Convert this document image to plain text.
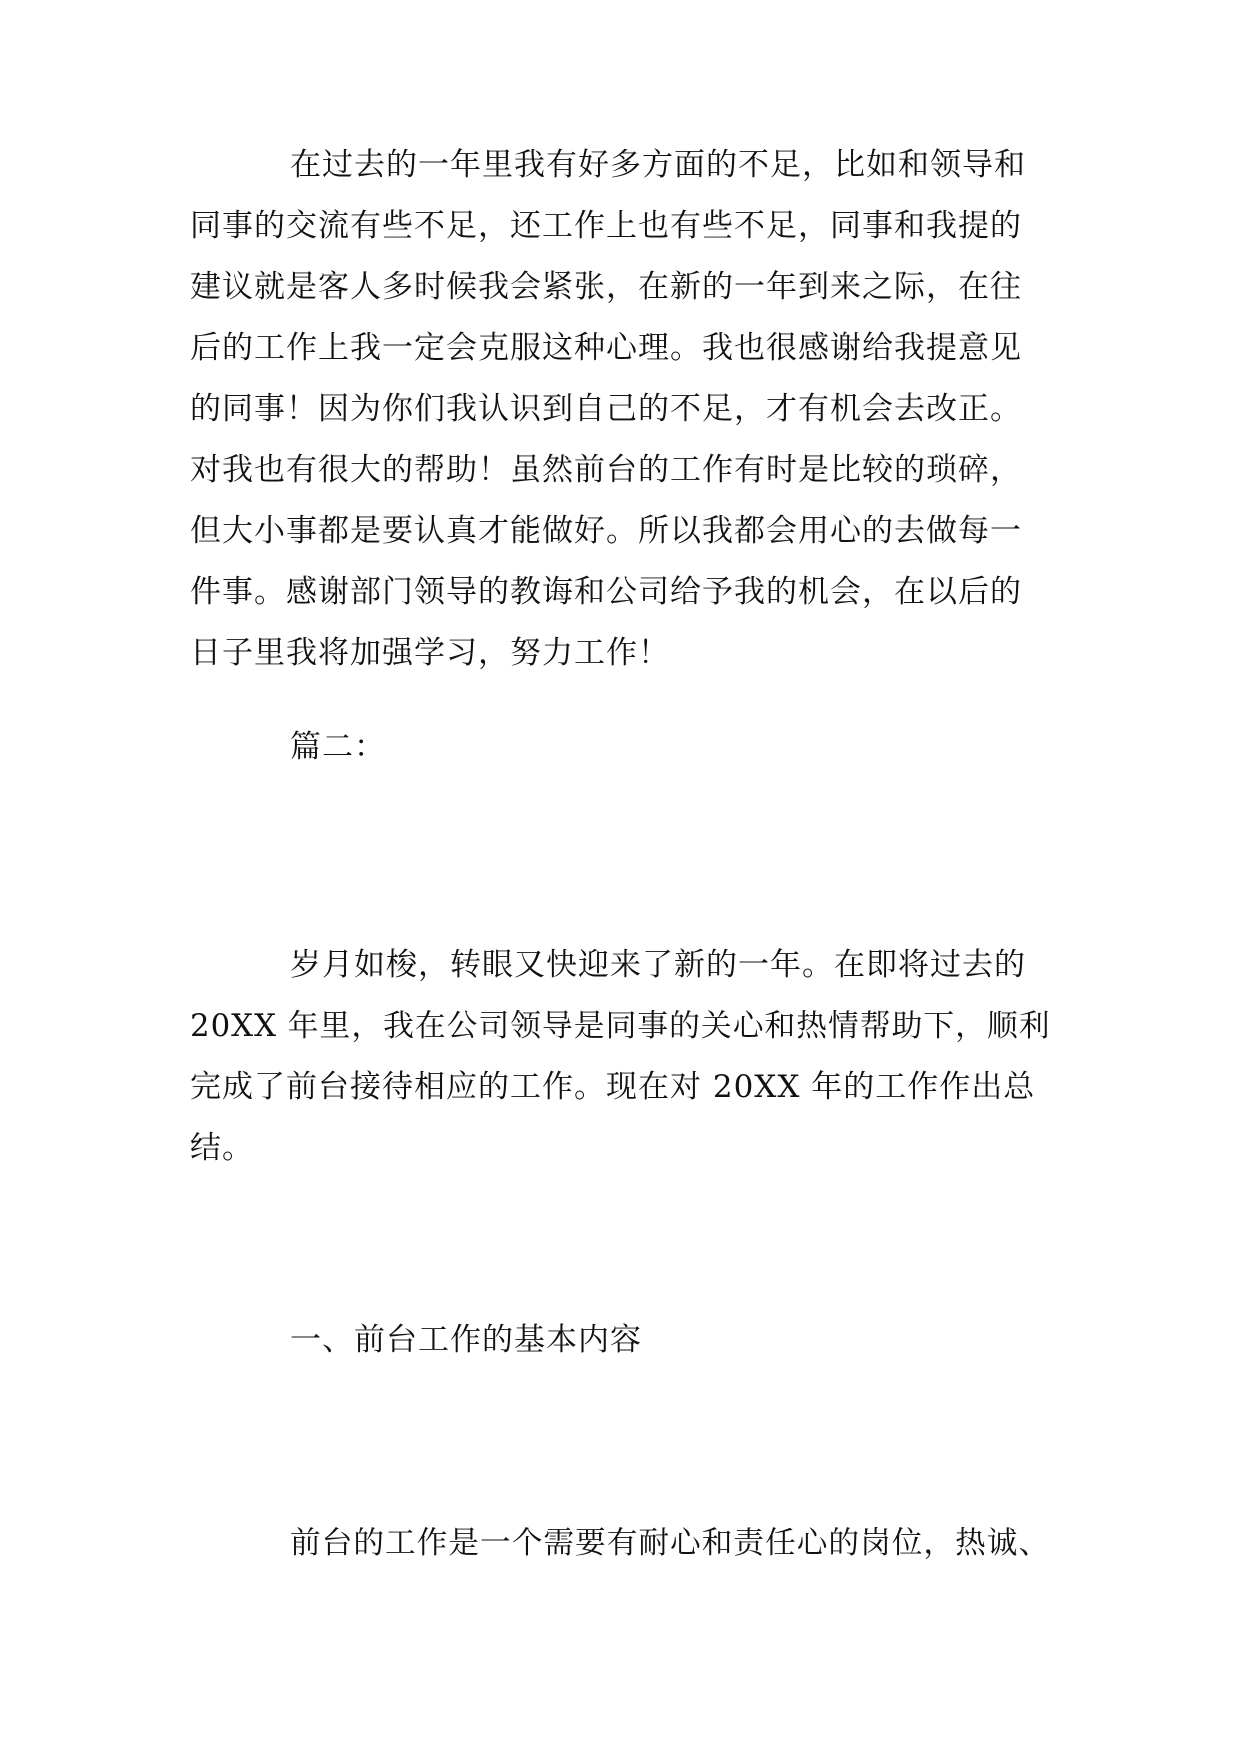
在过去的一年里我有好多方面的不足，比如和领导和
同事的交流有些不足，还工作上也有些不足，同事和我提的
建议就是客人多时候我会紧张，在新的一年到来之际，在往
后的工作上我一定会克服这种心理。我也很感谢给我提意见
的同事！因为你们我认识到自己的不足，才有机会去改正。
对我也有很大的帮助！虽然前台的工作有时是比较的琐碎，
但大小事都是要认真才能做好。所以我都会用心的去做每一
件事。感谢部门领导的教诲和公司给予我的机会，在以后的
日子里我将加强学习，努力工作！
篇二：
岁月如梭，转眼又快迎来了新的一年。在即将过去的
20XX 年里，我在公司领导是同事的关心和热情帮助下，顺利
完成了前台接待相应的工作。现在对 20XX 年的工作作出总
结。
一、前台工作的基本内容
前台的工作是一个需要有耐心和责任心的岗位，热诚、
